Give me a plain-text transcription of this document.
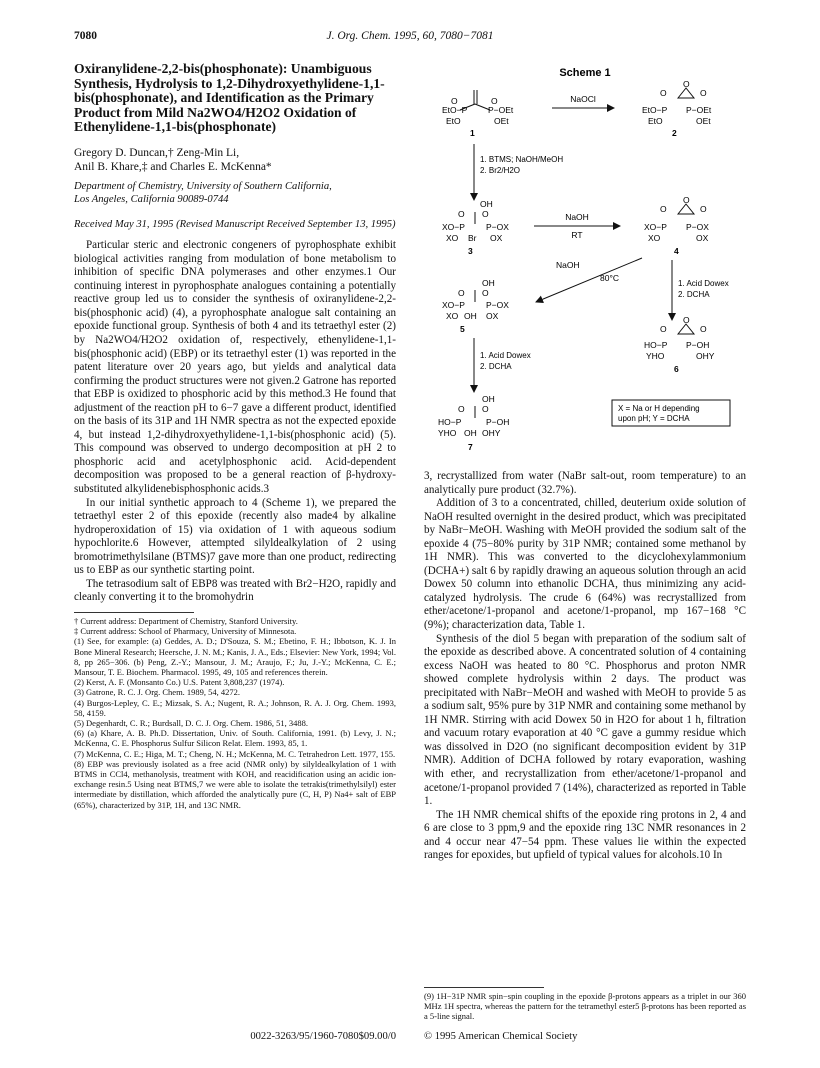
7080	J. Org. Chem. 1995, 60, 7080−7081
Oxiranylidene-2,2-bis(phosphonate): Unambiguous Synthesis, Hydrolysis to 1,2-Dihydroxyethylidene-1,1-bis(phosphonate), and Identification as the Primary Product from Mild Na2WO4/H2O2 Oxidation of Ethenylidene-1,1-bis(phosphonate)
Gregory D. Duncan,† Zeng-Min Li,
Anil B. Khare,‡ and Charles E. McKenna*
Department of Chemistry, University of Southern California,
Los Angeles, California 90089-0744
Received May 31, 1995 (Revised Manuscript Received September 13, 1995)

Particular steric and electronic congeners of pyrophosphate exhibit biological activities ranging from modulation of bone metabolism to inhibition of specific DNA polymerases and other enzymes.1 Our continuing interest in pyrophosphate analogues containing a potentially reactive group led us to consider the synthesis of oxiranylidene-2,2-bis(phosphonic acid) (4), a pyrophosphate analogue salt containing an epoxide functional group. Synthesis of both 4 and its tetraethyl ester (2) by Na2WO4/H2O2 oxidation of, respectively, ethenylidene-1,1-bis(phosphonic acid) (EBP) or its tetraethyl ester (1) was reported in the patent literature over 20 years ago, but yields and analytical data confirming the product structures were not given.2 Gatrone has reported that EBP is oxidized to phosphoric acid by this method.3 He found that adjustment of the reaction pH to 6−7 gave a different product, identified on the basis of its 31P and 1H NMR spectra as not the expected epoxide 4, but instead 1,2-dihydroxyethylidene-1,1-bis(phosphonic acid) (5). This compound was observed to undergo decomposition at pH 2 to phosphoric acid and acetylphosphonic acid. Acid-dependent decomposition was proposed to be a general reaction of β-hydroxy-substituted alkylidenebisphosphonic acids.3

In our initial synthetic approach to 4 (Scheme 1), we prepared the tetraethyl ester 2 of this epoxide (recently also made4 by alkaline hydroperoxidation of 15) via oxidation of 1 with aqueous sodium hypochlorite.6 However, attempted silyldealkylation of 2 using bromotrimethylsilane (BTMS)7 gave more than one product, redirecting us to EBP as our synthetic starting point.

The tetrasodium salt of EBP8 was treated with Br2−H2O, rapidly and cleanly converting it to the bromohydrin

† Current address: Department of Chemistry, Stanford University.

‡ Current address: School of Pharmacy, University of Minnesota.

(1) See, for example: (a) Geddes, A. D.; D'Souza, S. M.; Ebetino, F. H.; Ibbotson, K. J. In Bone Mineral Research; Heersche, J. N. M.; Kanis, J. A., Eds.; Elsevier: New York, 1994; Vol. 8, pp 265−306. (b) Peng, Z.-Y.; Mansour, J. M.; Araujo, F.; Ju, J.-Y.; McKenna, C. E.; Mansour, T. E. Biochem. Pharmacol. 1995, 49, 105 and references therein.

(2) Kerst, A. F. (Monsanto Co.) U.S. Patent 3,808,237 (1974).

(3) Gatrone, R. C. J. Org. Chem. 1989, 54, 4272.

(4) Burgos-Lepley, C. E.; Mizsak, S. A.; Nugent, R. A.; Johnson, R. A. J. Org. Chem. 1993, 58, 4159.

(5) Degenhardt, C. R.; Burdsall, D. C. J. Org. Chem. 1986, 51, 3488.

(6) (a) Khare, A. B. Ph.D. Dissertation, Univ. of South. California, 1991. (b) Levy, J. N.; McKenna, C. E. Phosphorus Sulfur Silicon Relat. Elem. 1993, 85, 1.

(7) McKenna, C. E.; Higa, M. T.; Cheng, N. H.; McKenna, M. C. Tetrahedron Lett. 1977, 155.

(8) EBP was previously isolated as a free acid (NMR only) by silyldealkylation of 1 with BTMS in CCl4, methanolysis, treatment with KOH, and reacidification using an acidic ion-exchange resin.5 Using neat BTMS,7 we were able to isolate the tetrakis(trimethylsilyl) ester intermediate by distillation, which afforded the analytically pure (C, H, P) Na4+ salt of EBP (65%), characterized by 31P, 1H, and 13C NMR.

Scheme 1
EtO−P
O
P−OEt
O
EtO	OEt
1
NaOCl
O
EtO−P
O
P−OEt
O
EtO	OEt
2
1. BTMS; NaOH/MeOH
2. Br2/H2O
OH
O O
XO−P P−OX
XO Br OX
3
NaOH
RT
O
O	O
XO−P P−OX
XO	OX
4
NaOH
80°C
1. Acid Dowex
2. DCHA
OH
O O
XO−P P−OX
XO OH OX
5
O
O	O
HO−P P−OH
YHO	OHY
6
1. Acid Dowex
2. DCHA
OH
O O
HO−P	P−OH
YHO OH OHY
7
X = Na or H depending
upon pH; Y = DCHA

3, recrystallized from water (NaBr salt-out, room temperature) to an analytically pure product (32.7%).

Addition of 3 to a concentrated, chilled, deuterium oxide solution of NaOH resulted overnight in the desired product, which was precipitated by NaBr−MeOH. Washing with MeOH provided the sodium salt of the epoxide 4 (75−80% purity by 31P NMR; contained some methanol by 1H NMR). This was converted to the dicyclohexylammonium (DCHA+) salt 6 by rapidly drawing an aqueous solution through an acid Dowex 50 column into ethanolic DCHA, thus minimizing any acid-catalyzed hydrolysis. The crude 6 (64%) was recrystallized from ether/acetone/1-propanol and acetone/1-propanol, mp 167−168 °C (9%); characterization data, Table 1.

Synthesis of the diol 5 began with preparation of the sodium salt of the epoxide as described above. A concentrated solution of 4 containing excess NaOH was heated to 80 °C. Phosphorus and proton NMR showed complete hydrolysis within 2 days. The product was precipitated with NaBr−MeOH and washed with MeOH to provide 5 as a sodium salt, 95% pure by 31P NMR and containing some methanol by 1H NMR. Stirring with acid Dowex 50 in H2O for about 1 h, filtration and vacuum rotary evaporation at 40 °C gave a gummy residue which was dissolved in D2O (no significant decomposition evident by 31P NMR). Addition of DCHA followed by rotary evaporation, washing with ether, and recrystallization from ether/acetone/1-propanol and acetone/1-propanol provided 7 (14%), characterized as reported in Table 1.

The 1H NMR chemical shifts of the epoxide ring protons in 2, 4 and 6 are close to 3 ppm,9 and the epoxide ring 13C NMR resonances in 2 and 4 occur near 47−54 ppm. These values lie within the expected ranges for epoxides, but upfield of typical values for alcohols.10 In

(9) 1H−31P NMR spin−spin coupling in the epoxide β-protons appears as a triplet in our 360 MHz 1H spectra, whereas the pattern for the tetramethyl ester5 β-protons has been reported as a 5-line signal.

0022-3263/95/1960-7080$09.00/0	© 1995 American Chemical Society
